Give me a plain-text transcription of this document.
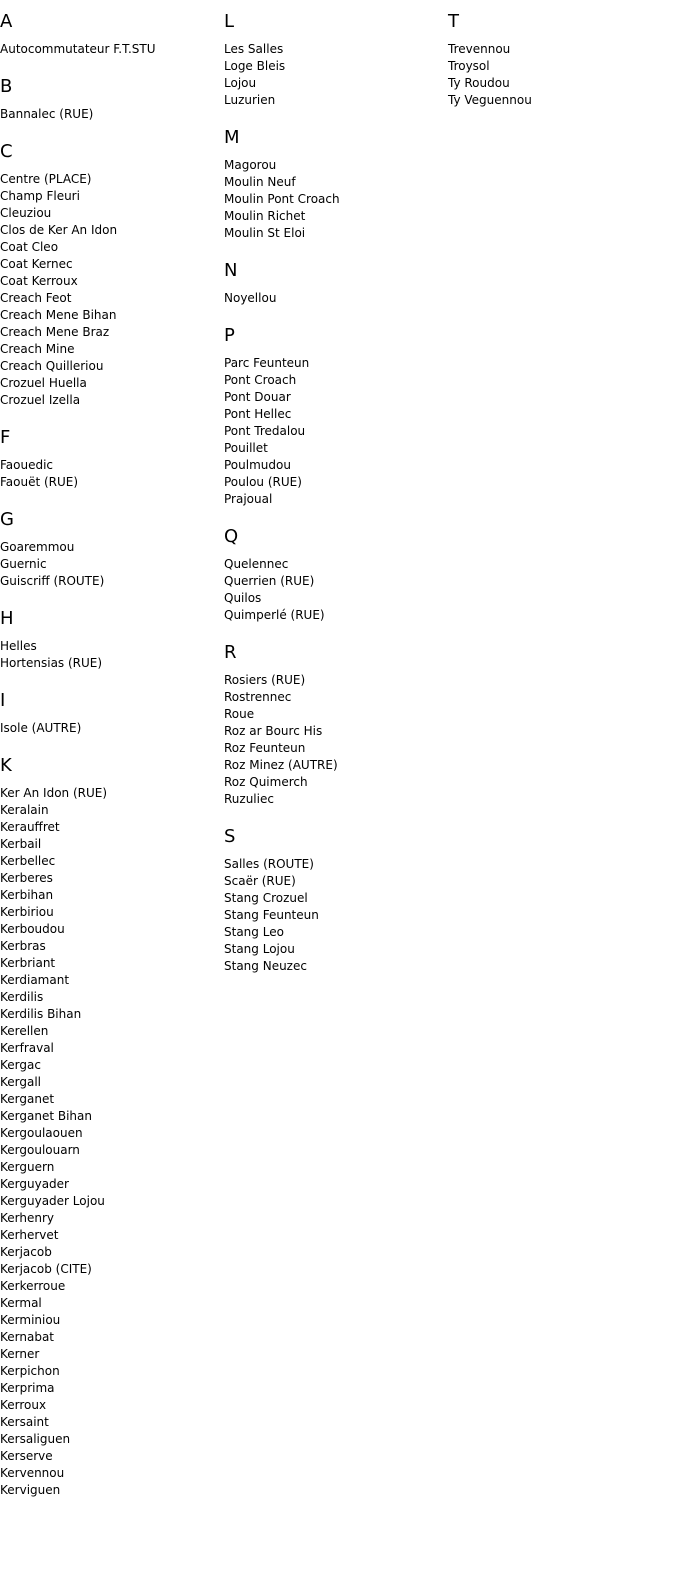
A
Autocommutateur F.T.STU
B
Bannalec (RUE)
C
Centre (PLACE)
Champ Fleuri
Cleuziou
Clos de Ker An Idon
Coat Cleo
Coat Kernec
Coat Kerroux
Creach Feot
Creach Mene Bihan
Creach Mene Braz
Creach Mine
Creach Quilleriou
Crozuel Huella
Crozuel Izella
F
Faouedic
Faouët (RUE)
G
Goaremmou
Guernic
Guiscriff (ROUTE)
H
Helles
Hortensias (RUE)
I
Isole (AUTRE)
K
Ker An Idon (RUE)
Keralain
Kerauffret
Kerbail
Kerbellec
Kerberes
Kerbihan
Kerbiriou
Kerboudou
Kerbras
Kerbriant
Kerdiamant
Kerdilis
Kerdilis Bihan
Kerellen
Kerfraval
Kergac
Kergall
Kerganet
Kerganet Bihan
Kergoulaouen
Kergoulouarn
Kerguern
Kerguyader
Kerguyader Lojou
Kerhenry
Kerhervet
Kerjacob
Kerjacob (CITE)
Kerkerroue
Kermal
Kerminiou
Kernabat
Kerner
Kerpichon
Kerprima
Kerroux
Kersaint
Kersaliguen
Kerserve
Kervennou
Kerviguen
L
Les Salles
Loge Bleis
Lojou
Luzurien
M
Magorou
Moulin Neuf
Moulin Pont Croach
Moulin Richet
Moulin St Eloi
N
Noyellou
P
Parc Feunteun
Pont Croach
Pont Douar
Pont Hellec
Pont Tredalou
Pouillet
Poulmudou
Poulou (RUE)
Prajoual
Q
Quelennec
Querrien (RUE)
Quilos
Quimperlé (RUE)
R
Rosiers (RUE)
Rostrennec
Roue
Roz ar Bourc His
Roz Feunteun
Roz Minez (AUTRE)
Roz Quimerch
Ruzuliec
S
Salles (ROUTE)
Scaër (RUE)
Stang Crozuel
Stang Feunteun
Stang Leo
Stang Lojou
Stang Neuzec
T
Trevennou
Troysol
Ty Roudou
Ty Veguennou
